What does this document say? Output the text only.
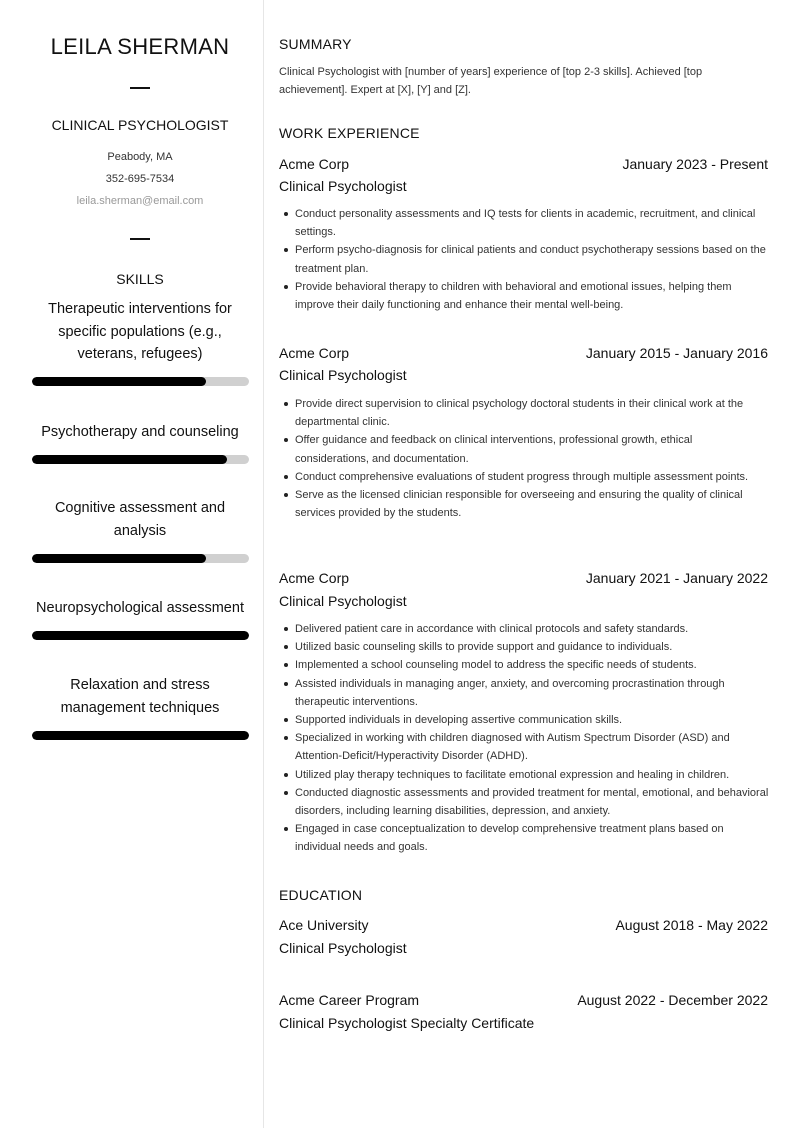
LEILA SHERMAN
CLINICAL PSYCHOLOGIST
Peabody, MA
352-695-7534
leila.sherman@email.com
SKILLS
Therapeutic interventions for specific populations (e.g., veterans, refugees)
Psychotherapy and counseling
Cognitive assessment and analysis
Neuropsychological assessment
Relaxation and stress management techniques
SUMMARY
Clinical Psychologist with [number of years] experience of [top 2-3 skills]. Achieved [top achievement]. Expert at [X], [Y] and [Z].
WORK EXPERIENCE
Acme Corp	January 2023 - Present
Clinical Psychologist
Conduct personality assessments and IQ tests for clients in academic, recruitment, and clinical settings.
Perform psycho-diagnosis for clinical patients and conduct psychotherapy sessions based on the treatment plan.
Provide behavioral therapy to children with behavioral and emotional issues, helping them improve their daily functioning and enhance their mental well-being.
Acme Corp	January 2015 - January 2016
Clinical Psychologist
Provide direct supervision to clinical psychology doctoral students in their clinical work at the departmental clinic.
Offer guidance and feedback on clinical interventions, professional growth, ethical considerations, and documentation.
Conduct comprehensive evaluations of student progress through multiple assessment points.
Serve as the licensed clinician responsible for overseeing and ensuring the quality of clinical services provided by the students.
Acme Corp	January 2021 - January 2022
Clinical Psychologist
Delivered patient care in accordance with clinical protocols and safety standards.
Utilized basic counseling skills to provide support and guidance to individuals.
Implemented a school counseling model to address the specific needs of students.
Assisted individuals in managing anger, anxiety, and overcoming procrastination through therapeutic interventions.
Supported individuals in developing assertive communication skills.
Specialized in working with children diagnosed with Autism Spectrum Disorder (ASD) and Attention-Deficit/Hyperactivity Disorder (ADHD).
Utilized play therapy techniques to facilitate emotional expression and healing in children.
Conducted diagnostic assessments and provided treatment for mental, emotional, and behavioral disorders, including learning disabilities, depression, and anxiety.
Engaged in case conceptualization to develop comprehensive treatment plans based on individual needs and goals.
EDUCATION
Ace University	August 2018 - May 2022
Clinical Psychologist
Acme Career Program	August 2022 - December 2022
Clinical Psychologist Specialty Certificate
